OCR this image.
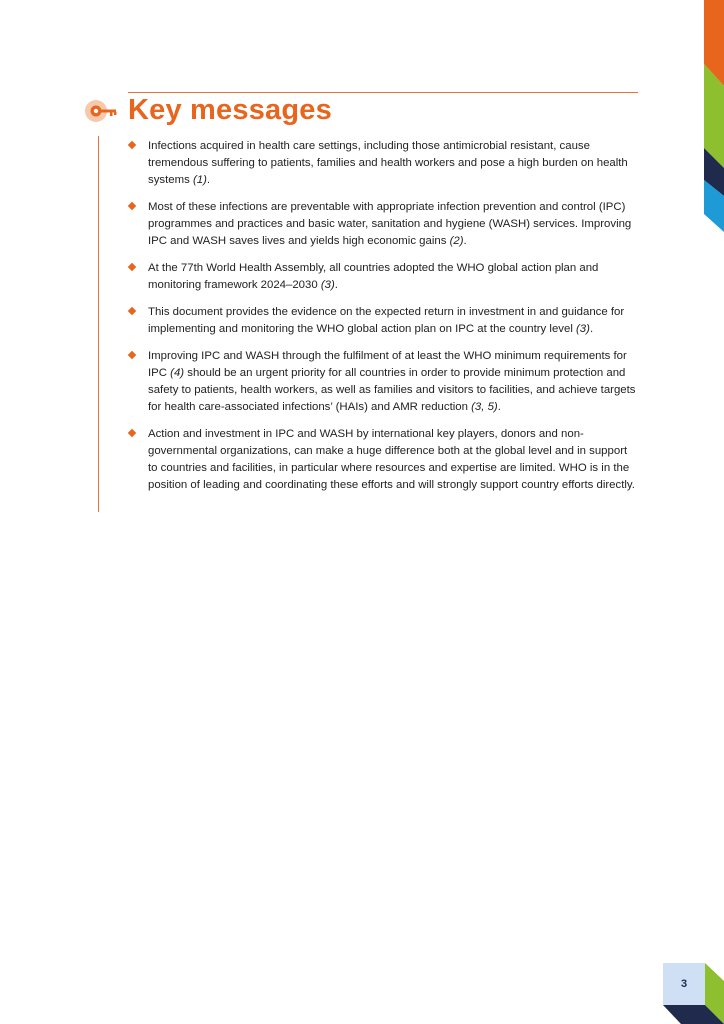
Key messages
Infections acquired in health care settings, including those antimicrobial resistant, cause tremendous suffering to patients, families and health workers and pose a high burden on health systems (1).
Most of these infections are preventable with appropriate infection prevention and control (IPC) programmes and practices and basic water, sanitation and hygiene (WASH) services. Improving IPC and WASH saves lives and yields high economic gains (2).
At the 77th World Health Assembly, all countries adopted the WHO global action plan and monitoring framework 2024–2030 (3).
This document provides the evidence on the expected return in investment in and guidance for implementing and monitoring the WHO global action plan on IPC at the country level (3).
Improving IPC and WASH through the fulfilment of at least the WHO minimum requirements for IPC (4) should be an urgent priority for all countries in order to provide minimum protection and safety to patients, health workers, as well as families and visitors to facilities, and achieve targets for health care-associated infections’ (HAIs) and AMR reduction (3, 5).
Action and investment in IPC and WASH by international key players, donors and non-governmental organizations, can make a huge difference both at the global level and in support to countries and facilities, in particular where resources and expertise are limited. WHO is in the position of leading and coordinating these efforts and will strongly support country efforts directly.
3
